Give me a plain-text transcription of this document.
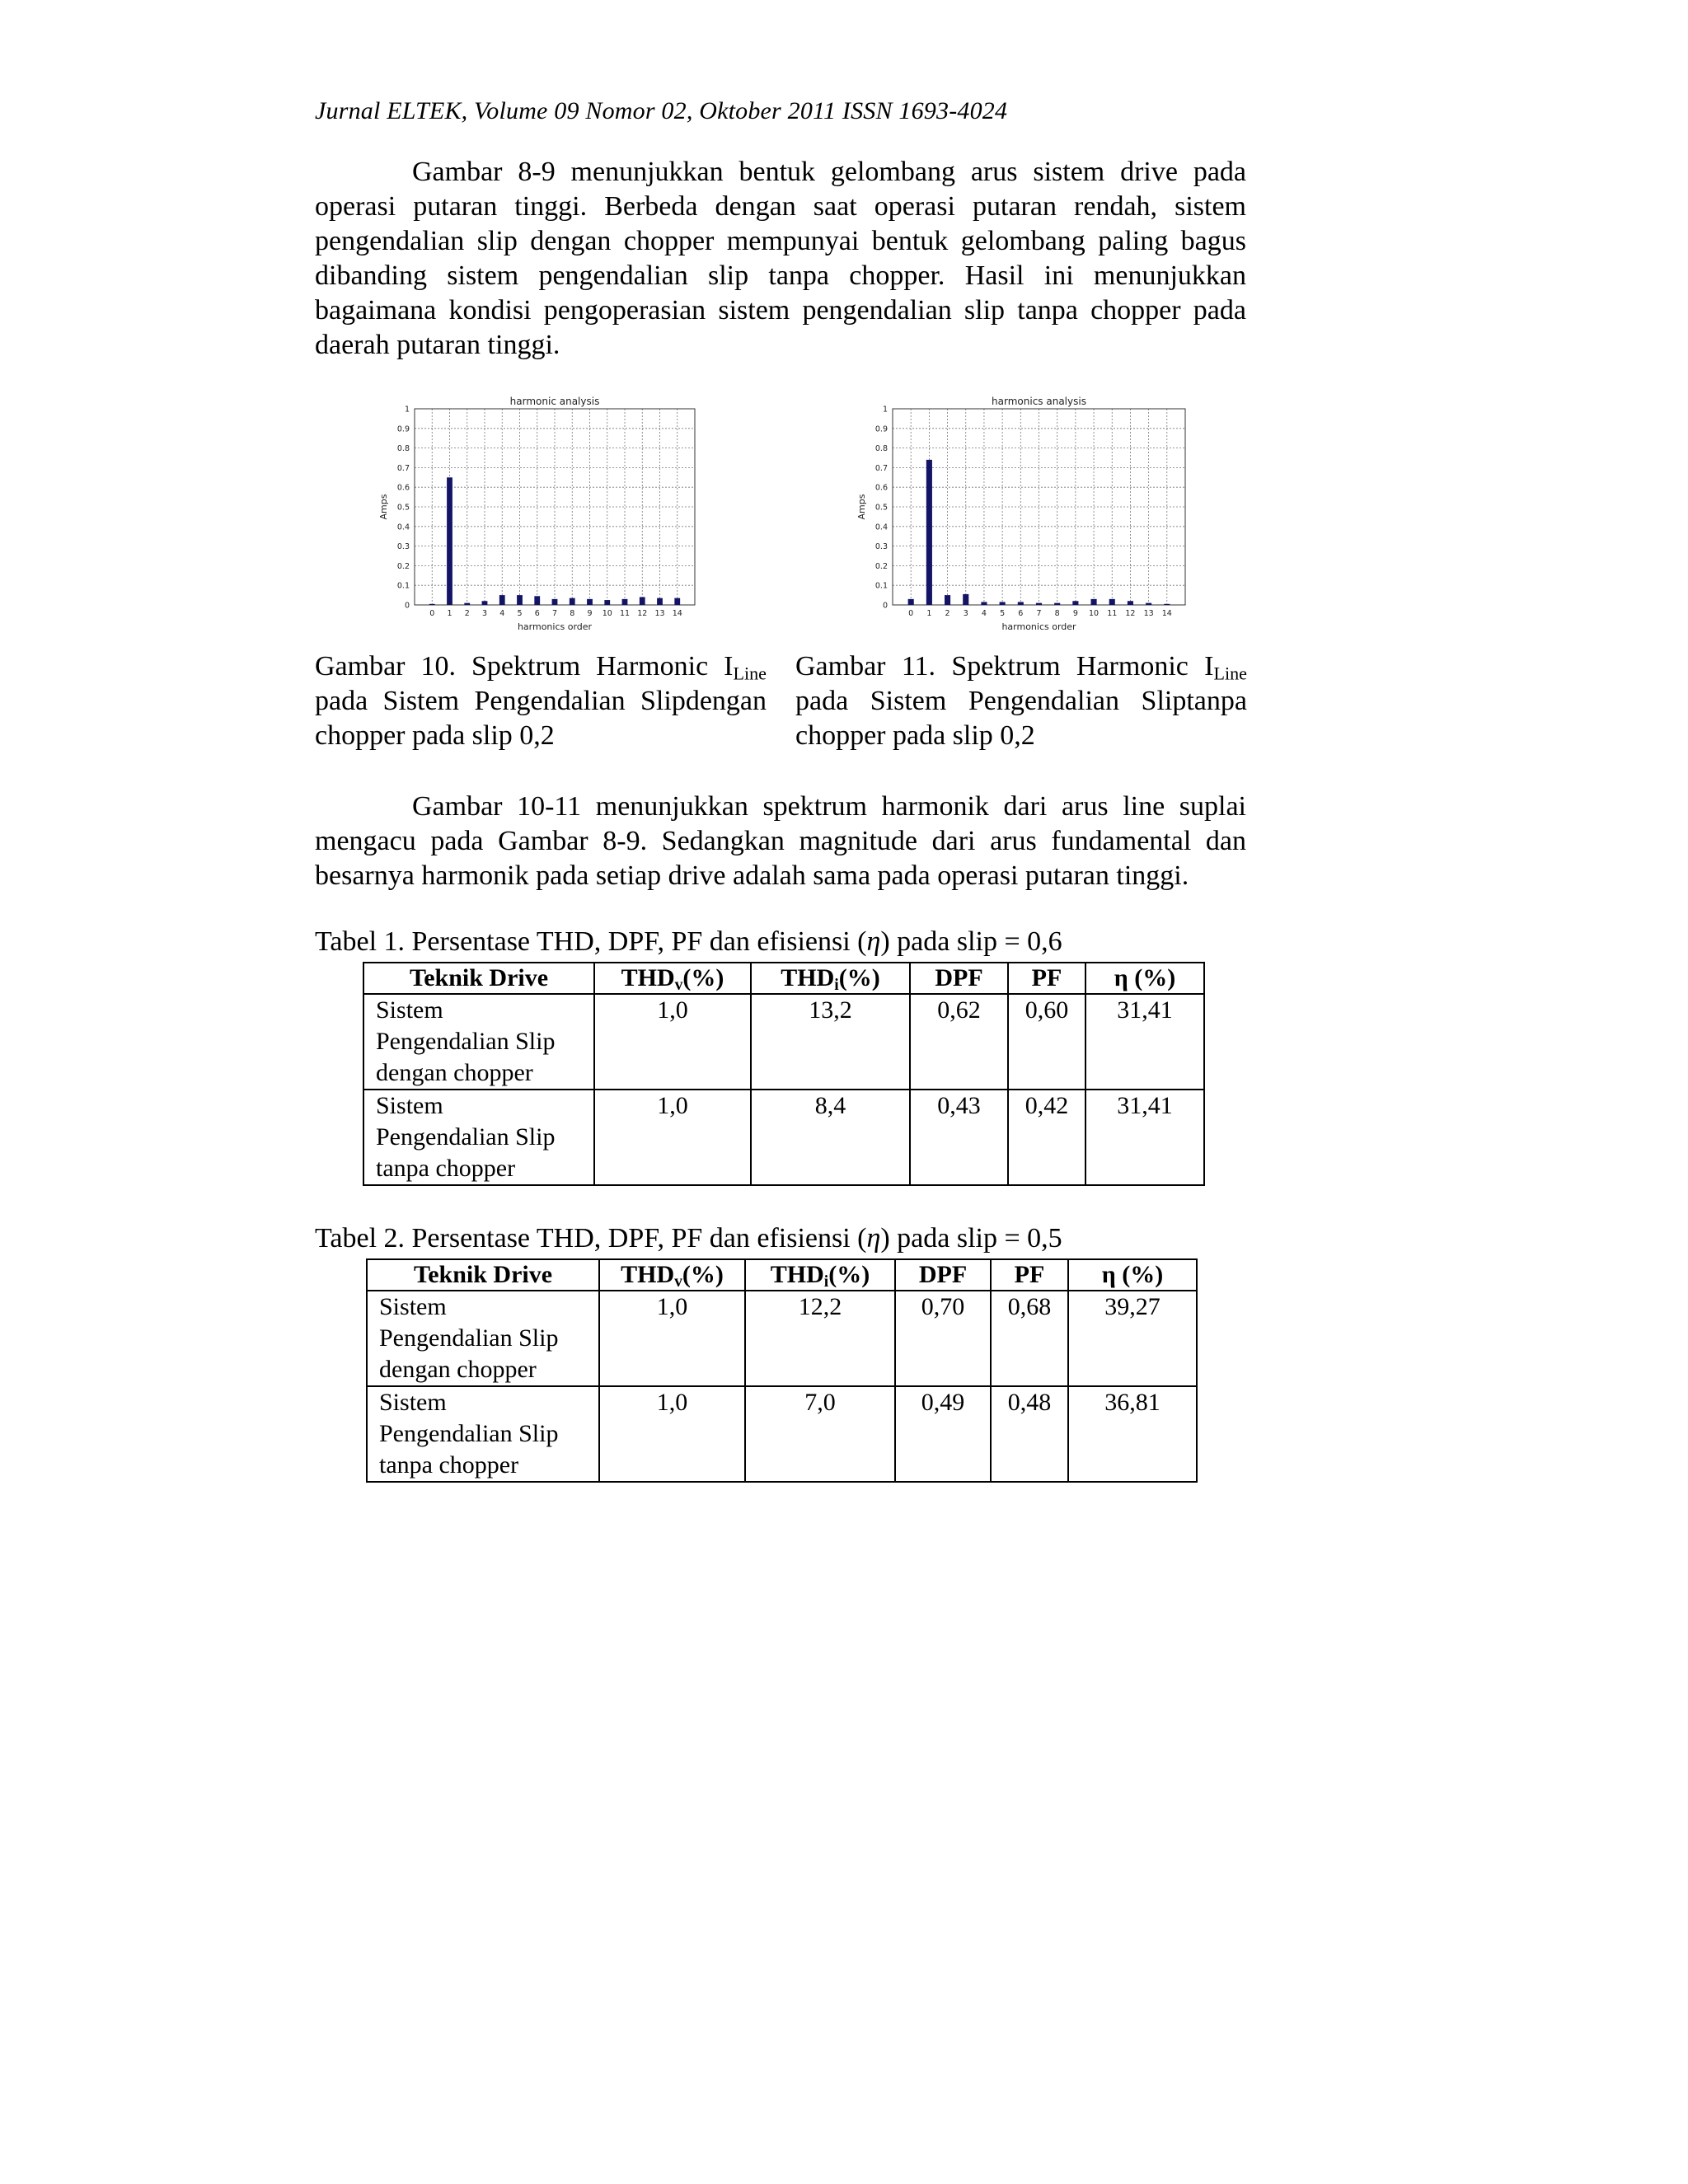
Jurnal ELTEK, Volume 09 Nomor 02, Oktober 2011 ISSN 1693-4024

Gambar 8-9 menunjukkan bentuk gelombang arus sistem drive pada operasi putaran tinggi. Berbeda dengan saat operasi putaran rendah, sistem pengendalian slip dengan chopper mempunyai bentuk gelombang paling bagus dibanding sistem pengendalian slip tanpa chopper. Hasil ini menunjukkan bagaimana kondisi pengoperasian sistem pengendalian slip tanpa chopper pada daerah putaran tinggi.

harmonic analysis
0
0.1
0.2
0.3
0.4
0.5
0.6
0.7
0.8
0.9
1
0 1 2 3 4 5 6 7 8 9 10 11 12 13 14
harmonics order
Amps
harmonics analysis
0
0.1
0.2
0.3
0.4
0.5
0.6
0.7
0.8
0.9
1
0 1 2 3 4 5 6 7 8 9 10 11 12 13 14
harmonics order
Amps

Gambar 10. Spektrum Harmonic $I_{Line}$ pada Sistem Pengendalian Slipdengan chopper pada slip 0,2

Gambar 11. Spektrum Harmonic $I_{Line}$ pada Sistem Pengendalian Sliptanpa chopper pada slip 0,2

Gambar 10-11 menunjukkan spektrum harmonik dari arus line suplai mengacu pada Gambar 8-9. Sedangkan magnitude dari arus fundamental dan besarnya harmonik pada setiap drive adalah sama pada operasi putaran tinggi.

Tabel 1. Persentase THD, DPF, PF dan efisiensi (η) pada slip = 0,6
Teknik Drive	$THD_v(\%)$	$THD_i(\%)$	DPF	PF	η (%)
Sistem
Pengendalian Slip
dengan chopper	1,0	13,2	0,62	0,60	31,41
Sistem
Pengendalian Slip
tanpa chopper	1,0	8,4	0,43	0,42	31,41
Tabel 2. Persentase THD, DPF, PF dan efisiensi (η) pada slip = 0,5
Teknik Drive	$THD_v(\%)$	$THD_i(\%)$	DPF	PF	η (%)
Sistem
Pengendalian Slip
dengan chopper	1,0	12,2	0,70	0,68	39,27
Sistem
Pengendalian Slip
tanpa chopper	1,0	7,0	0,49	0,48	36,81
